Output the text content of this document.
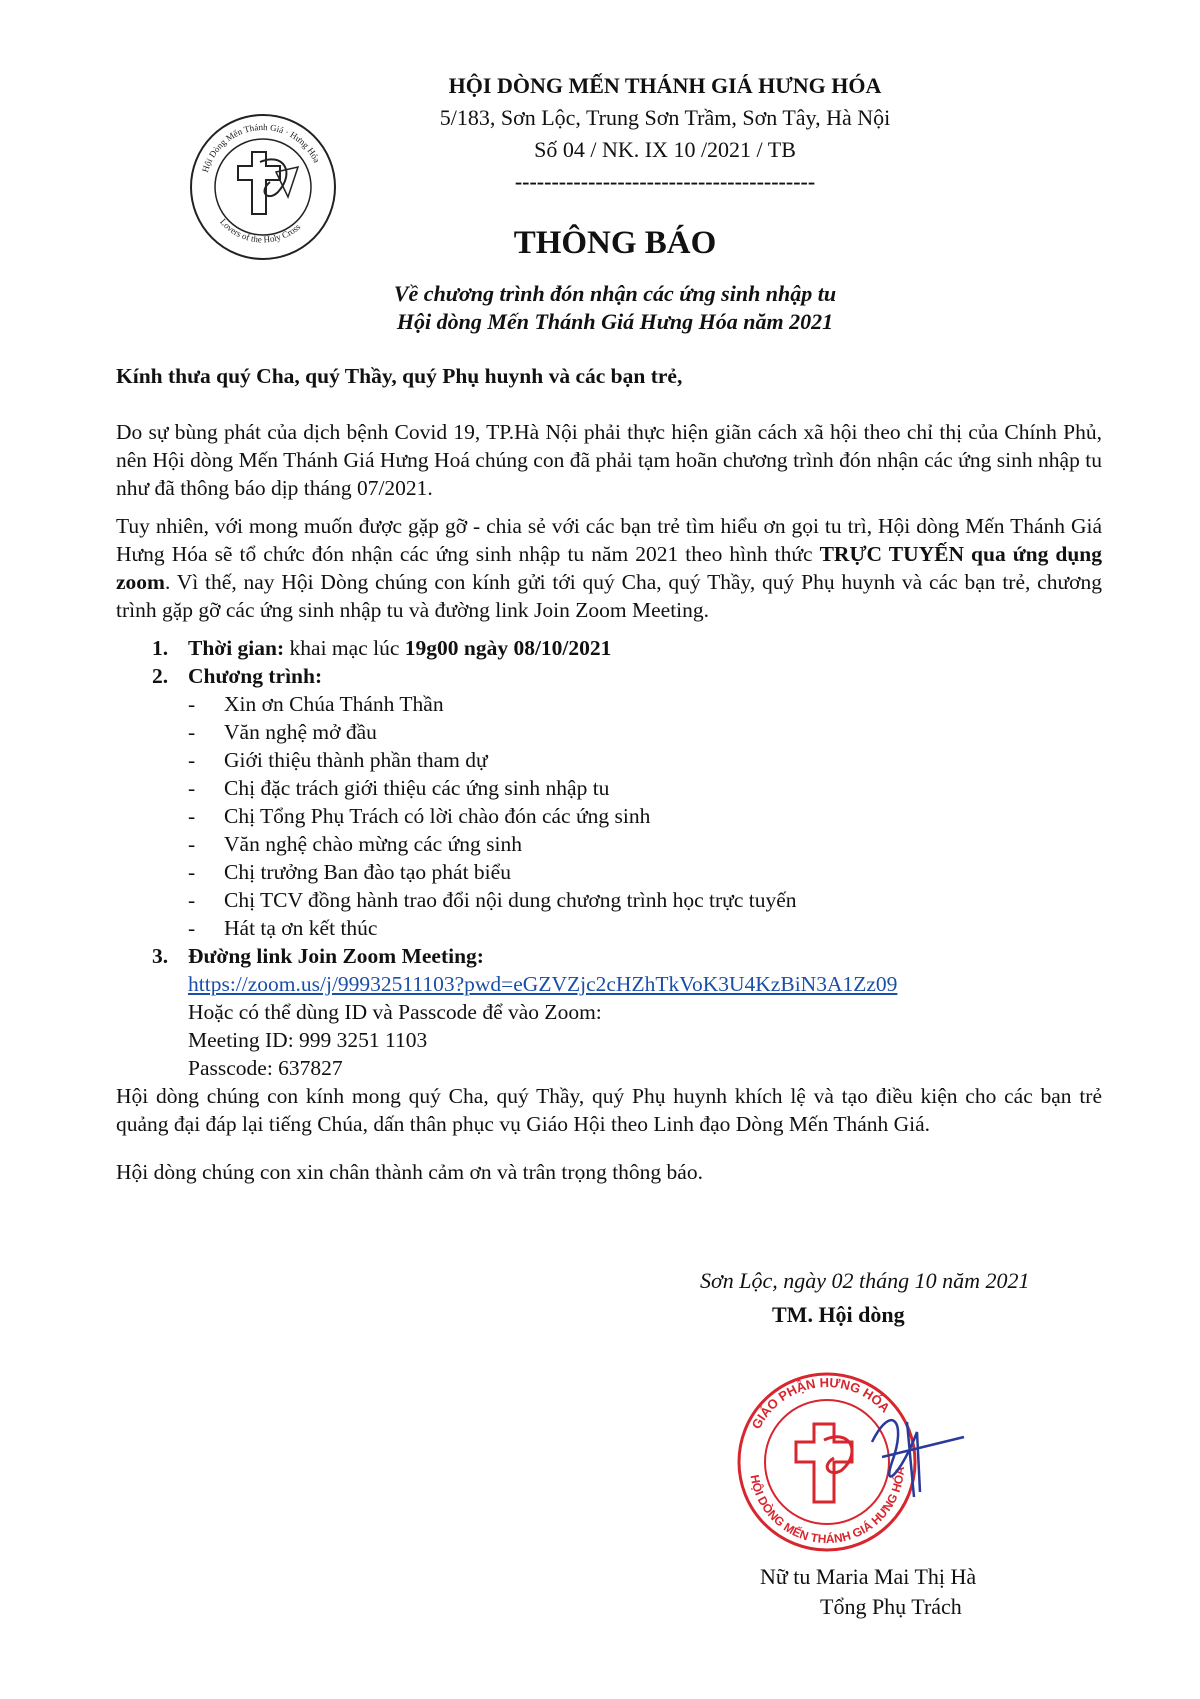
Hội Dòng Mến Thánh Giá · Hưng Hóa
Lovers of the Holy Cross
HỘI DÒNG MẾN THÁNH GIÁ HƯNG HÓA
5/183, Sơn Lộc, Trung Sơn Trầm, Sơn Tây, Hà Nội
Số 04 / NK. IX 10 /2021 / TB
-----------------------------------------
THÔNG BÁO
Về chương trình đón nhận các ứng sinh nhập tu
Hội dòng Mến Thánh Giá Hưng Hóa năm 2021
Kính thưa quý Cha, quý Thầy, quý Phụ huynh và các bạn trẻ,

Do sự bùng phát của dịch bệnh Covid 19, TP.Hà Nội phải thực hiện giãn cách xã hội theo chỉ thị của Chính Phủ, nên Hội dòng Mến Thánh Giá Hưng Hoá chúng con đã phải tạm hoãn chương trình đón nhận các ứng sinh nhập tu như đã thông báo dịp tháng 07/2021.

Tuy nhiên, với mong muốn được gặp gỡ - chia sẻ với các bạn trẻ tìm hiểu ơn gọi tu trì, Hội dòng Mến Thánh Giá Hưng Hóa sẽ tổ chức đón nhận các ứng sinh nhập tu năm 2021 theo hình thức TRỰC TUYẾN qua ứng dụng zoom. Vì thế, nay Hội Dòng chúng con kính gửi tới quý Cha, quý Thầy, quý Phụ huynh và các bạn trẻ, chương trình gặp gỡ các ứng sinh nhập tu và đường link Join Zoom Meeting.

1. Thời gian: khai mạc lúc 19g00 ngày 08/10/2021
2. Chương trình:
- Xin ơn Chúa Thánh Thần
- Văn nghệ mở đầu
- Giới thiệu thành phần tham dự
- Chị đặc trách giới thiệu các ứng sinh nhập tu
- Chị Tổng Phụ Trách có lời chào đón các ứng sinh
- Văn nghệ chào mừng các ứng sinh
- Chị trưởng Ban đào tạo phát biểu
- Chị TCV đồng hành trao đổi nội dung chương trình học trực tuyến
- Hát tạ ơn kết thúc
3. Đường link Join Zoom Meeting:
https://zoom.us/j/99932511103?pwd=eGZVZjc2cHZhTkVoK3U4KzBiN3A1Zz09
Hoặc có thể dùng ID và Passcode để vào Zoom:
Meeting ID: 999 3251 1103
Passcode: 637827

Hội dòng chúng con kính mong quý Cha, quý Thầy, quý Phụ huynh khích lệ và tạo điều kiện cho các bạn trẻ quảng đại đáp lại tiếng Chúa, dấn thân phục vụ Giáo Hội theo Linh đạo Dòng Mến Thánh Giá.

Hội dòng chúng con xin chân thành cảm ơn và trân trọng thông báo.

Sơn Lộc, ngày 02 tháng 10 năm 2021
TM. Hội dòng
GIÁO PHẬN HƯNG HÓA
HỘI DÒNG MẾN THÁNH GIÁ HƯNG HÓA
Nữ tu Maria Mai Thị Hà
Tổng Phụ Trách
